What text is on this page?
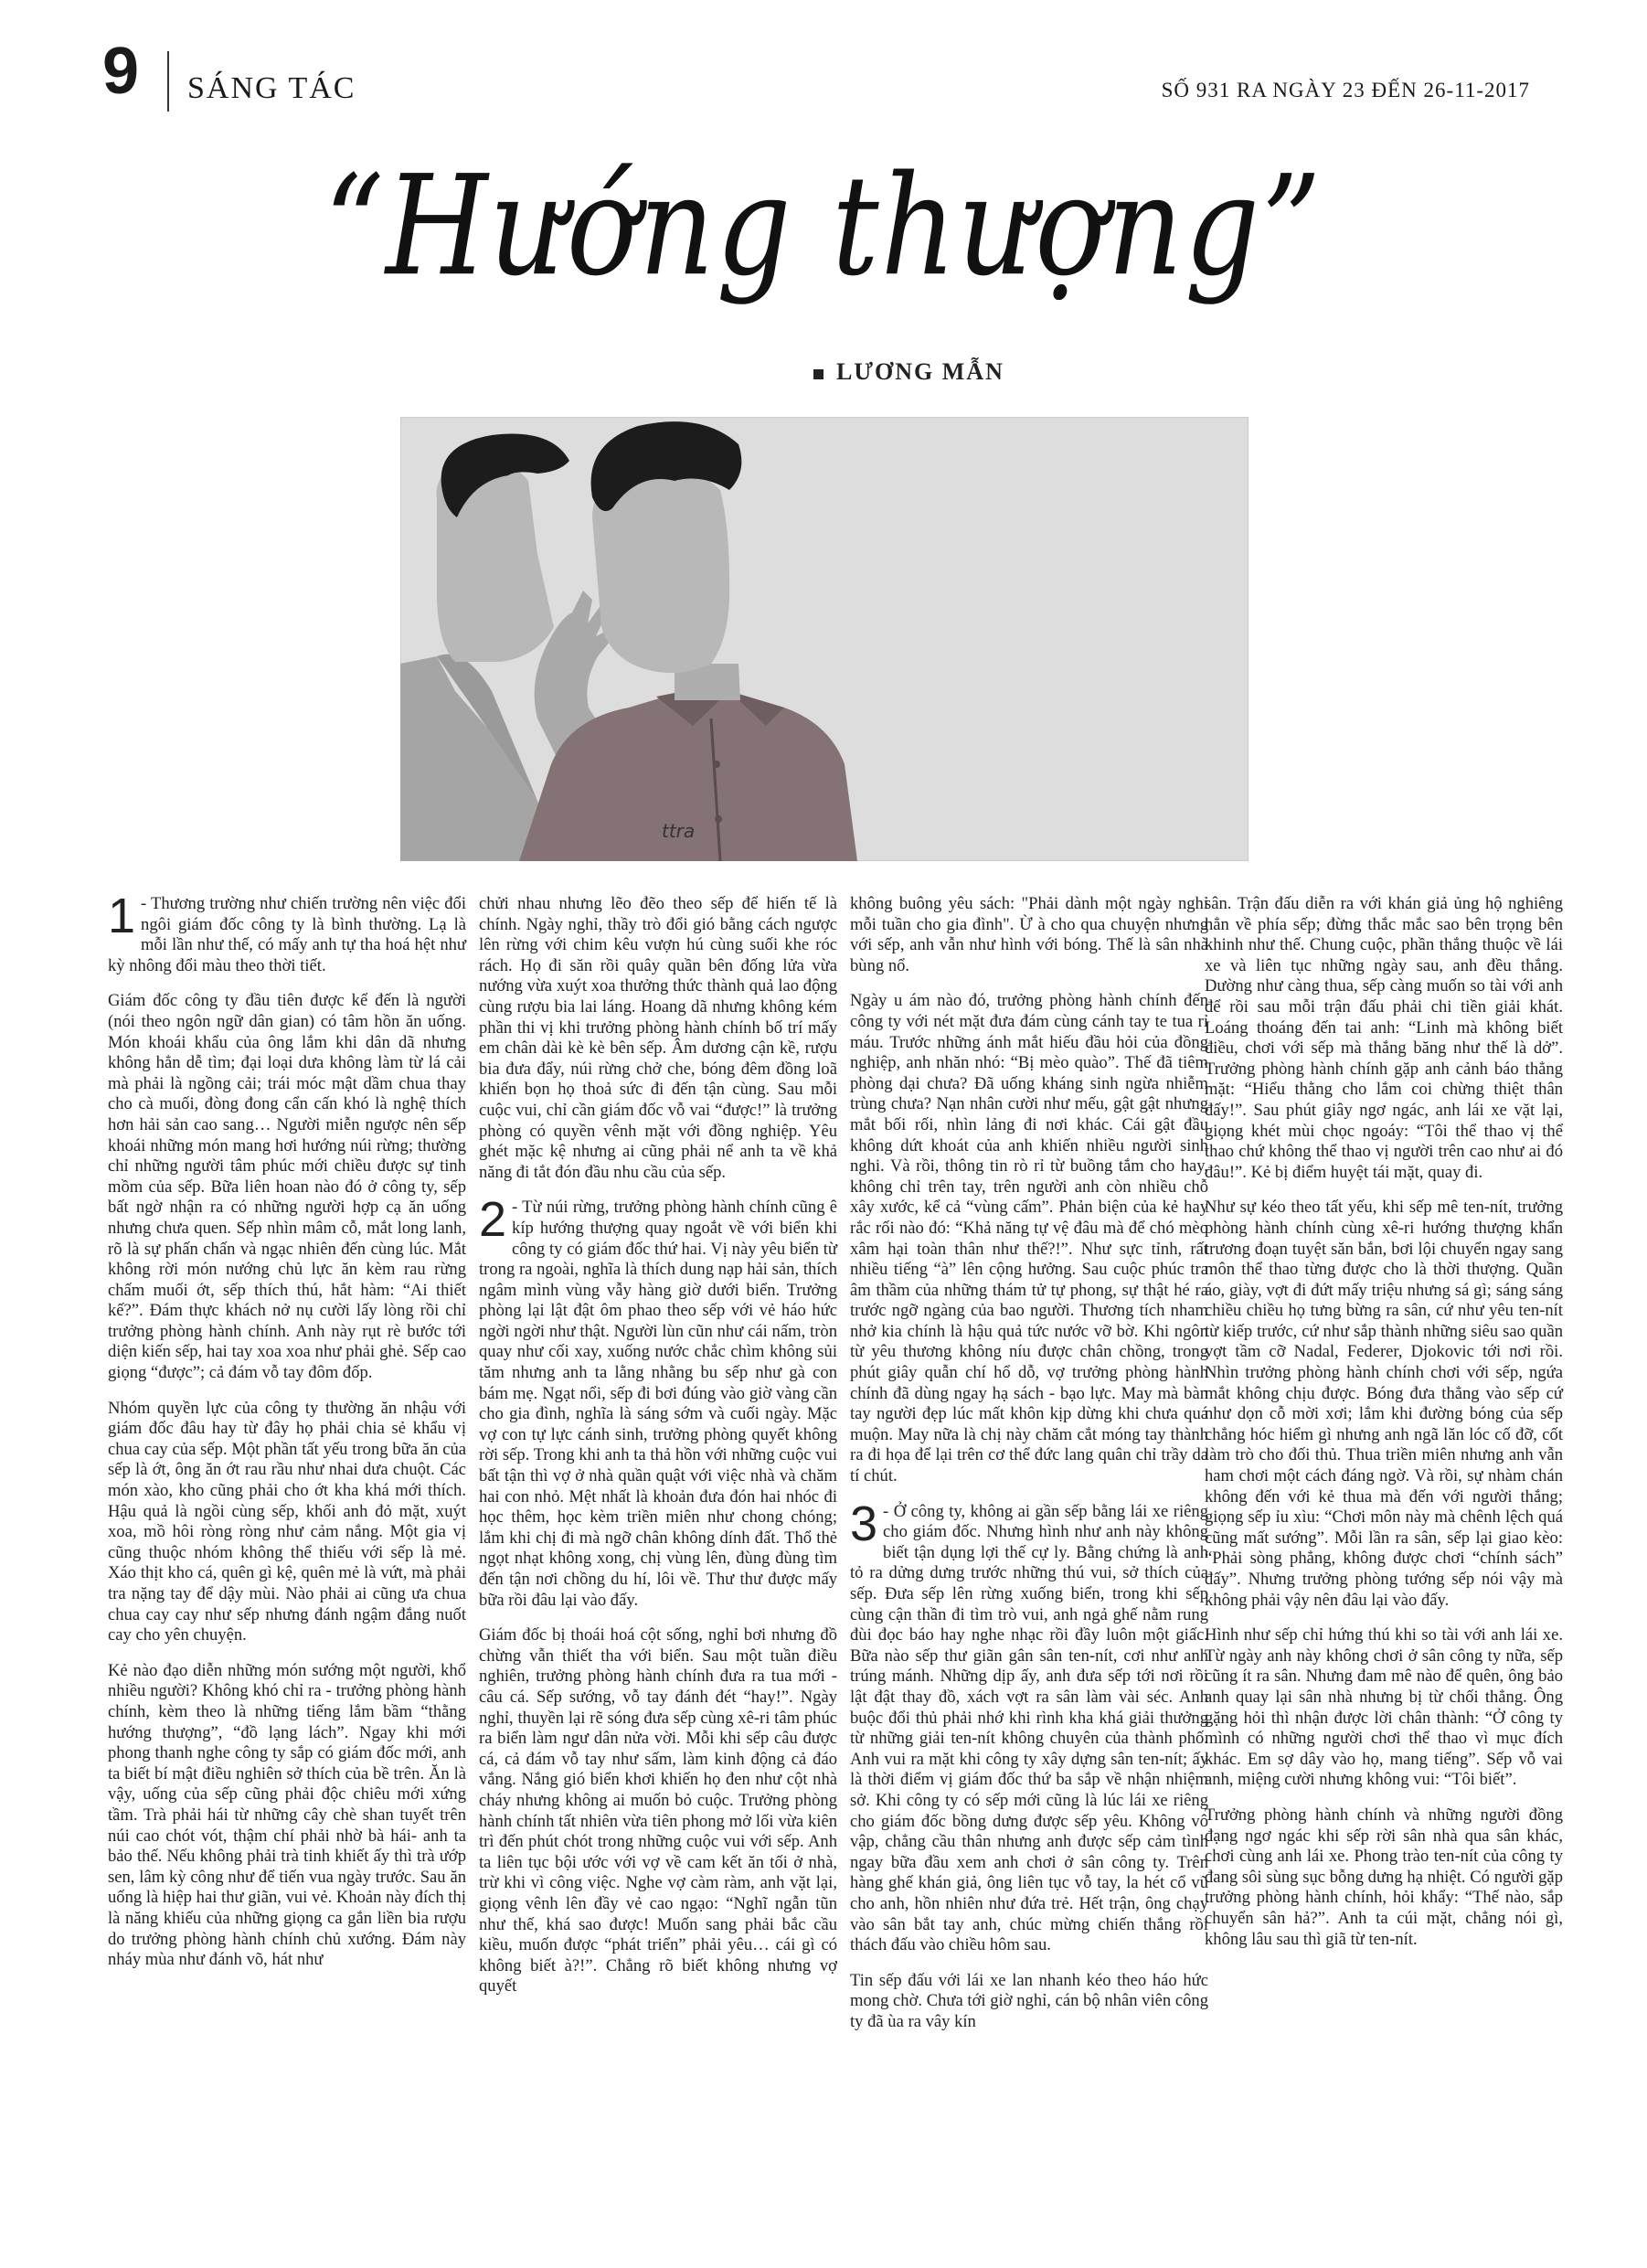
9 SÁNG TÁC	SỐ 931 RA NGÀY 23 ĐẾN 26-11-2017
“Hướng thượng”
LƯƠNG MẪN
ttra

1 - Thương trường như chiến trường nên việc đổi ngôi giám đốc công ty là bình thường. Lạ là mỗi lần như thế, có mấy anh tự tha hoá hệt như kỳ nhông đổi màu theo thời tiết.

Giám đốc công ty đầu tiên được kể đến là người (nói theo ngôn ngữ dân gian) có tâm hồn ăn uống. Món khoái khẩu của ông lắm khi dân dã nhưng không hẳn dễ tìm; đại loại dưa không làm từ lá cải mà phải là ngồng cải; trái móc mật dầm chua thay cho cà muối, đòng đong cẩn cấn khó là nghệ thích hơn hải sản cao sang… Người miễn ngược nên sếp khoái những món mang hơi hướng núi rừng; thường chỉ những người tâm phúc mới chiều được sự tinh mồm của sếp. Bữa liên hoan nào đó ở công ty, sếp bất ngờ nhận ra có những người hợp cạ ăn uống nhưng chưa quen. Sếp nhìn mâm cỗ, mắt long lanh, rõ là sự phấn chấn và ngạc nhiên đến cùng lúc. Mắt không rời món nướng chủ lực ăn kèm rau rừng chấm muối ớt, sếp thích thú, hắt hàm: “Ai thiết kế?”. Đám thực khách nở nụ cười lấy lòng rồi chỉ trưởng phòng hành chính. Anh này rụt rè bước tới diện kiến sếp, hai tay xoa xoa như phải ghẻ. Sếp cao giọng “được”; cả đám vỗ tay đôm đốp.

Nhóm quyền lực của công ty thường ăn nhậu với giám đốc đâu hay từ đây họ phải chia sẻ khẩu vị chua cay của sếp. Một phần tất yếu trong bữa ăn của sếp là ớt, ông ăn ớt rau rầu như nhai dưa chuột. Các món xào, kho cũng phải cho ớt kha khá mới thích. Hậu quả là ngồi cùng sếp, khối anh đỏ mặt, xuýt xoa, mồ hôi ròng ròng như cảm nắng. Một gia vị cũng thuộc nhóm không thể thiếu với sếp là mẻ. Xáo thịt kho cá, quên gì kệ, quên mẻ là vứt, mà phải tra nặng tay để dậy mùi. Nào phải ai cũng ưa chua chua cay cay như sếp nhưng đánh ngậm đắng nuốt cay cho yên chuyện.

Kẻ nào đạo diễn những món sướng một người, khổ nhiều người? Không khó chỉ ra - trưởng phòng hành chính, kèm theo là những tiếng lắm bầm “thằng hướng thượng”, “đồ lạng lách”. Ngay khi mới phong thanh nghe công ty sắp có giám đốc mới, anh ta biết bí mật điều nghiên sở thích của bề trên. Ăn là vậy, uống của sếp cũng phải độc chiêu mới xứng tầm. Trà phải hái từ những cây chè shan tuyết trên núi cao chót vót, thậm chí phải nhờ bà hái- anh ta bảo thế. Nếu không phải trà tinh khiết ấy thì trà ướp sen, lâm kỳ công như để tiến vua ngày trước. Sau ăn uống là hiệp hai thư giãn, vui vẻ. Khoản này đích thị là năng khiếu của những giọng ca gắn liền bia rượu do trưởng phòng hành chính chủ xướng. Đám này nháy mùa như đánh võ, hát như

chửi nhau nhưng lẽo đẽo theo sếp để hiến tế là chính. Ngày nghỉ, thầy trò đổi gió bằng cách ngược lên rừng với chim kêu vượn hú cùng suối khe róc rách. Họ đi săn rồi quây quần bên đống lửa vừa nướng vừa xuýt xoa thưởng thức thành quả lao động cùng rượu bia lai láng. Hoang dã nhưng không kém phần thi vị khi trưởng phòng hành chính bố trí mấy em chân dài kè kè bên sếp. Âm dương cận kề, rượu bia đưa đẩy, núi rừng chở che, bóng đêm đồng loã khiến bọn họ thoả sức đi đến tận cùng. Sau mỗi cuộc vui, chỉ cần giám đốc vỗ vai “được!” là trưởng phòng có quyền vênh mặt với đồng nghiệp. Yêu ghét mặc kệ nhưng ai cũng phải nể anh ta về khả năng đi tắt đón đầu nhu cầu của sếp.

2 - Từ núi rừng, trưởng phòng hành chính cũng ê kíp hướng thượng quay ngoắt về với biển khi công ty có giám đốc thứ hai. Vị này yêu biển từ trong ra ngoài, nghĩa là thích dung nạp hải sản, thích ngâm mình vùng vẫy hàng giờ dưới biển. Trưởng phòng lại lật đật ôm phao theo sếp với vẻ háo hức ngời ngời như thật. Người lùn cũn như cái nấm, tròn quay như cối xay, xuống nước chắc chìm không sủi tăm nhưng anh ta lằng nhằng bu sếp như gà con bám mẹ. Ngạt nổi, sếp đi bơi đúng vào giờ vàng cần cho gia đình, nghĩa là sáng sớm và cuối ngày. Mặc vợ con tự lực cánh sinh, trưởng phòng quyết không rời sếp. Trong khi anh ta thả hồn với những cuộc vui bất tận thì vợ ở nhà quần quật với việc nhà và chăm hai con nhỏ. Mệt nhất là khoản đưa đón hai nhóc đi học thêm, học kèm triền miên như chong chóng; lắm khi chị đi mà ngỡ chân không dính đất. Thổ thẻ ngọt nhạt không xong, chị vùng lên, đùng đùng tìm đến tận nơi chồng du hí, lôi về. Thư thư được mấy bữa rồi đâu lại vào đấy.

Giám đốc bị thoái hoá cột sống, nghỉ bơi nhưng đồ chừng vẫn thiết tha với biển. Sau một tuần điều nghiên, trưởng phòng hành chính đưa ra tua mới - câu cá. Sếp sướng, vỗ tay đánh đét “hay!”. Ngày nghỉ, thuyền lại rẽ sóng đưa sếp cùng xê-ri tâm phúc ra biển làm ngư dân nửa vời. Mỗi khi sếp câu được cá, cả đám vỗ tay như sấm, làm kinh động cả đáo vắng. Nắng gió biển khơi khiến họ đen như cột nhà cháy nhưng không ai muốn bỏ cuộc. Trưởng phòng hành chính tất nhiên vừa tiên phong mở lối vừa kiên trì đến phút chót trong những cuộc vui với sếp. Anh ta liên tục bội ước với vợ về cam kết ăn tối ở nhà, trừ khi vì công việc. Nghe vợ càm ràm, anh vặt lại, giọng vênh lên đầy vẻ cao ngạo: “Nghĩ ngẫn tũn như thế, khá sao được! Muốn sang phải bắc cầu kiều, muốn được “phát triển” phải yêu… cái gì có không biết à?!”. Chẳng rõ biết không nhưng vợ quyết

không buông yêu sách: "Phải dành một ngày nghỉ mỗi tuần cho gia đình". Ừ à cho qua chuyện nhưng với sếp, anh vẫn như hình với bóng. Thế là sân nhà bùng nổ.

Ngày u ám nào đó, trưởng phòng hành chính đến công ty với nét mặt đưa đám cùng cánh tay te tua rỉ máu. Trước những ánh mắt hiếu đầu hỏi của đồng nghiệp, anh nhăn nhó: “Bị mèo quào”. Thế đã tiêm phòng dại chưa? Đã uống kháng sinh ngừa nhiễm trùng chưa? Nạn nhân cười như mếu, gật gật nhưng mắt bối rối, nhìn lảng đi nơi khác. Cái gật đầu không dứt khoát của anh khiến nhiều người sinh nghi. Và rồi, thông tin rò rỉ từ buồng tắm cho hay, không chỉ trên tay, trên người anh còn nhiều chỗ xây xước, kể cả “vùng cấm”. Phản biện của kẻ hay rắc rối nào đó: “Khả năng tự vệ đâu mà để chó mèo xâm hại toàn thân như thế?!”. Như sực tỉnh, rất nhiều tiếng “à” lên cộng hưởng. Sau cuộc phúc tra âm thầm của những thám tử tự phong, sự thật hé ra trước ngỡ ngàng của bao người. Thương tích nham nhở kia chính là hậu quả tức nước vỡ bờ. Khi ngôn từ yêu thương không níu được chân chồng, trong phút giây quẫn chí hổ dỗ, vợ trưởng phòng hành chính đã dùng ngay hạ sách - bạo lực. May mà bàn tay người đẹp lúc mất khôn kịp dừng khi chưa quá muộn. May nữa là chị này chăm cắt móng tay thành ra đi họa để lại trên cơ thể đức lang quân chỉ trầy da tí chút.

3 - Ở công ty, không ai gần sếp bằng lái xe riêng cho giám đốc. Nhưng hình như anh này không biết tận dụng lợi thế cự ly. Bằng chứng là anh tỏ ra dửng dưng trước những thú vui, sở thích của sếp. Đưa sếp lên rừng xuống biển, trong khi sếp cùng cận thần đi tìm trò vui, anh ngả ghế nằm rung đùi đọc báo hay nghe nhạc rồi đầy luôn một giấc. Bữa nào sếp thư giãn gân sân ten-nít, cơi như anh trúng mánh. Những dịp ấy, anh đưa sếp tới nơi rồi lật đật thay đồ, xách vợt ra sân làm vài séc. Anh buộc đổi thủ phải nhớ khi rình kha khá giải thưởng từ những giải ten-nít không chuyên của thành phố. Anh vui ra mặt khi công ty xây dựng sân ten-nít; ấy là thời điểm vị giám đốc thứ ba sắp về nhận nhiệm sở. Khi công ty có sếp mới cũng là lúc lái xe riêng cho giám đốc bồng dưng được sếp yêu. Không vô vập, chẳng cầu thân nhưng anh được sếp cảm tình ngay bữa đầu xem anh chơi ở sân công ty. Trên hàng ghế khán giả, ông liên tục vỗ tay, la hét cổ vũ cho anh, hồn nhiên như đứa trẻ. Hết trận, ông chạy vào sân bắt tay anh, chúc mừng chiến thắng rồi thách đấu vào chiều hôm sau.

Tin sếp đấu với lái xe lan nhanh kéo theo háo hức mong chờ. Chưa tới giờ nghỉ, cán bộ nhân viên công ty đã ùa ra vây kín

sân. Trận đấu diễn ra với khán giả ủng hộ nghiêng hẳn về phía sếp; đừng thắc mắc sao bên trọng bên khinh như thế. Chung cuộc, phần thắng thuộc về lái xe và liên tục những ngày sau, anh đều thắng. Dường như càng thua, sếp càng muốn so tài với anh để rồi sau mỗi trận đấu phải chi tiền giải khát. Loáng thoáng đến tai anh: “Linh mà không biết điều, chơi với sếp mà thắng băng như thế là dở”. Trưởng phòng hành chính gặp anh cảnh báo thẳng mặt: “Hiểu thằng cho lắm coi chừng thiệt thân đấy!”. Sau phút giây ngơ ngác, anh lái xe vặt lại, giọng khét mùi chọc ngoáy: “Tôi thể thao vị thể thao chứ không thể thao vị người trên cao như ai đó đâu!”. Kẻ bị điểm huyệt tái mặt, quay đi.

Như sự kéo theo tất yếu, khi sếp mê ten-nít, trưởng phòng hành chính cùng xê-ri hướng thượng khẩn trương đoạn tuyệt săn bắn, bơi lội chuyển ngay sang môn thể thao từng được cho là thời thượng. Quần áo, giày, vợt đi đứt mấy triệu nhưng sá gì; sáng sáng chiều chiều họ tưng bừng ra sân, cứ như yêu ten-nít từ kiếp trước, cứ như sắp thành những siêu sao quần vợt tầm cỡ Nadal, Federer, Djokovic tới nơi rồi. Nhìn trưởng phòng hành chính chơi với sếp, ngứa mắt không chịu được. Bóng đưa thẳng vào sếp cứ như dọn cỗ mời xơi; lắm khi đường bóng của sếp chẳng hóc hiểm gì nhưng anh ngã lăn lóc cố đỡ, cốt làm trò cho đối thủ. Thua triền miên nhưng anh vẫn ham chơi một cách đáng ngờ. Và rồi, sự nhàm chán không đến với kẻ thua mà đến với người thắng; giọng sếp ỉu xìu: “Chơi môn này mà chênh lệch quá cũng mất sướng”. Mỗi lần ra sân, sếp lại giao kèo: “Phải sòng phẳng, không được chơi “chính sách” đấy”. Nhưng trưởng phòng tướng sếp nói vậy mà không phải vậy nên đâu lại vào đấy.

Hình như sếp chỉ hứng thú khi so tài với anh lái xe. Từ ngày anh này không chơi ở sân công ty nữa, sếp cũng ít ra sân. Nhưng đam mê nào để quên, ông bảo anh quay lại sân nhà nhưng bị từ chối thẳng. Ông gặng hỏi thì nhận được lời chân thành: “Ở công ty mình có những người chơi thể thao vì mục đích khác. Em sợ dây vào họ, mang tiếng”. Sếp vỗ vai anh, miệng cười nhưng không vui: “Tôi biết”.

Trưởng phòng hành chính và những người đồng đạng ngơ ngác khi sếp rời sân nhà qua sân khác, chơi cùng anh lái xe. Phong trào ten-nít của công ty đang sôi sùng sục bỗng dưng hạ nhiệt. Có người gặp trưởng phòng hành chính, hỏi khẩy: “Thế nào, sắp chuyển sân hả?”. Anh ta cúi mặt, chẳng nói gì, không lâu sau thì giã từ ten-nít.
